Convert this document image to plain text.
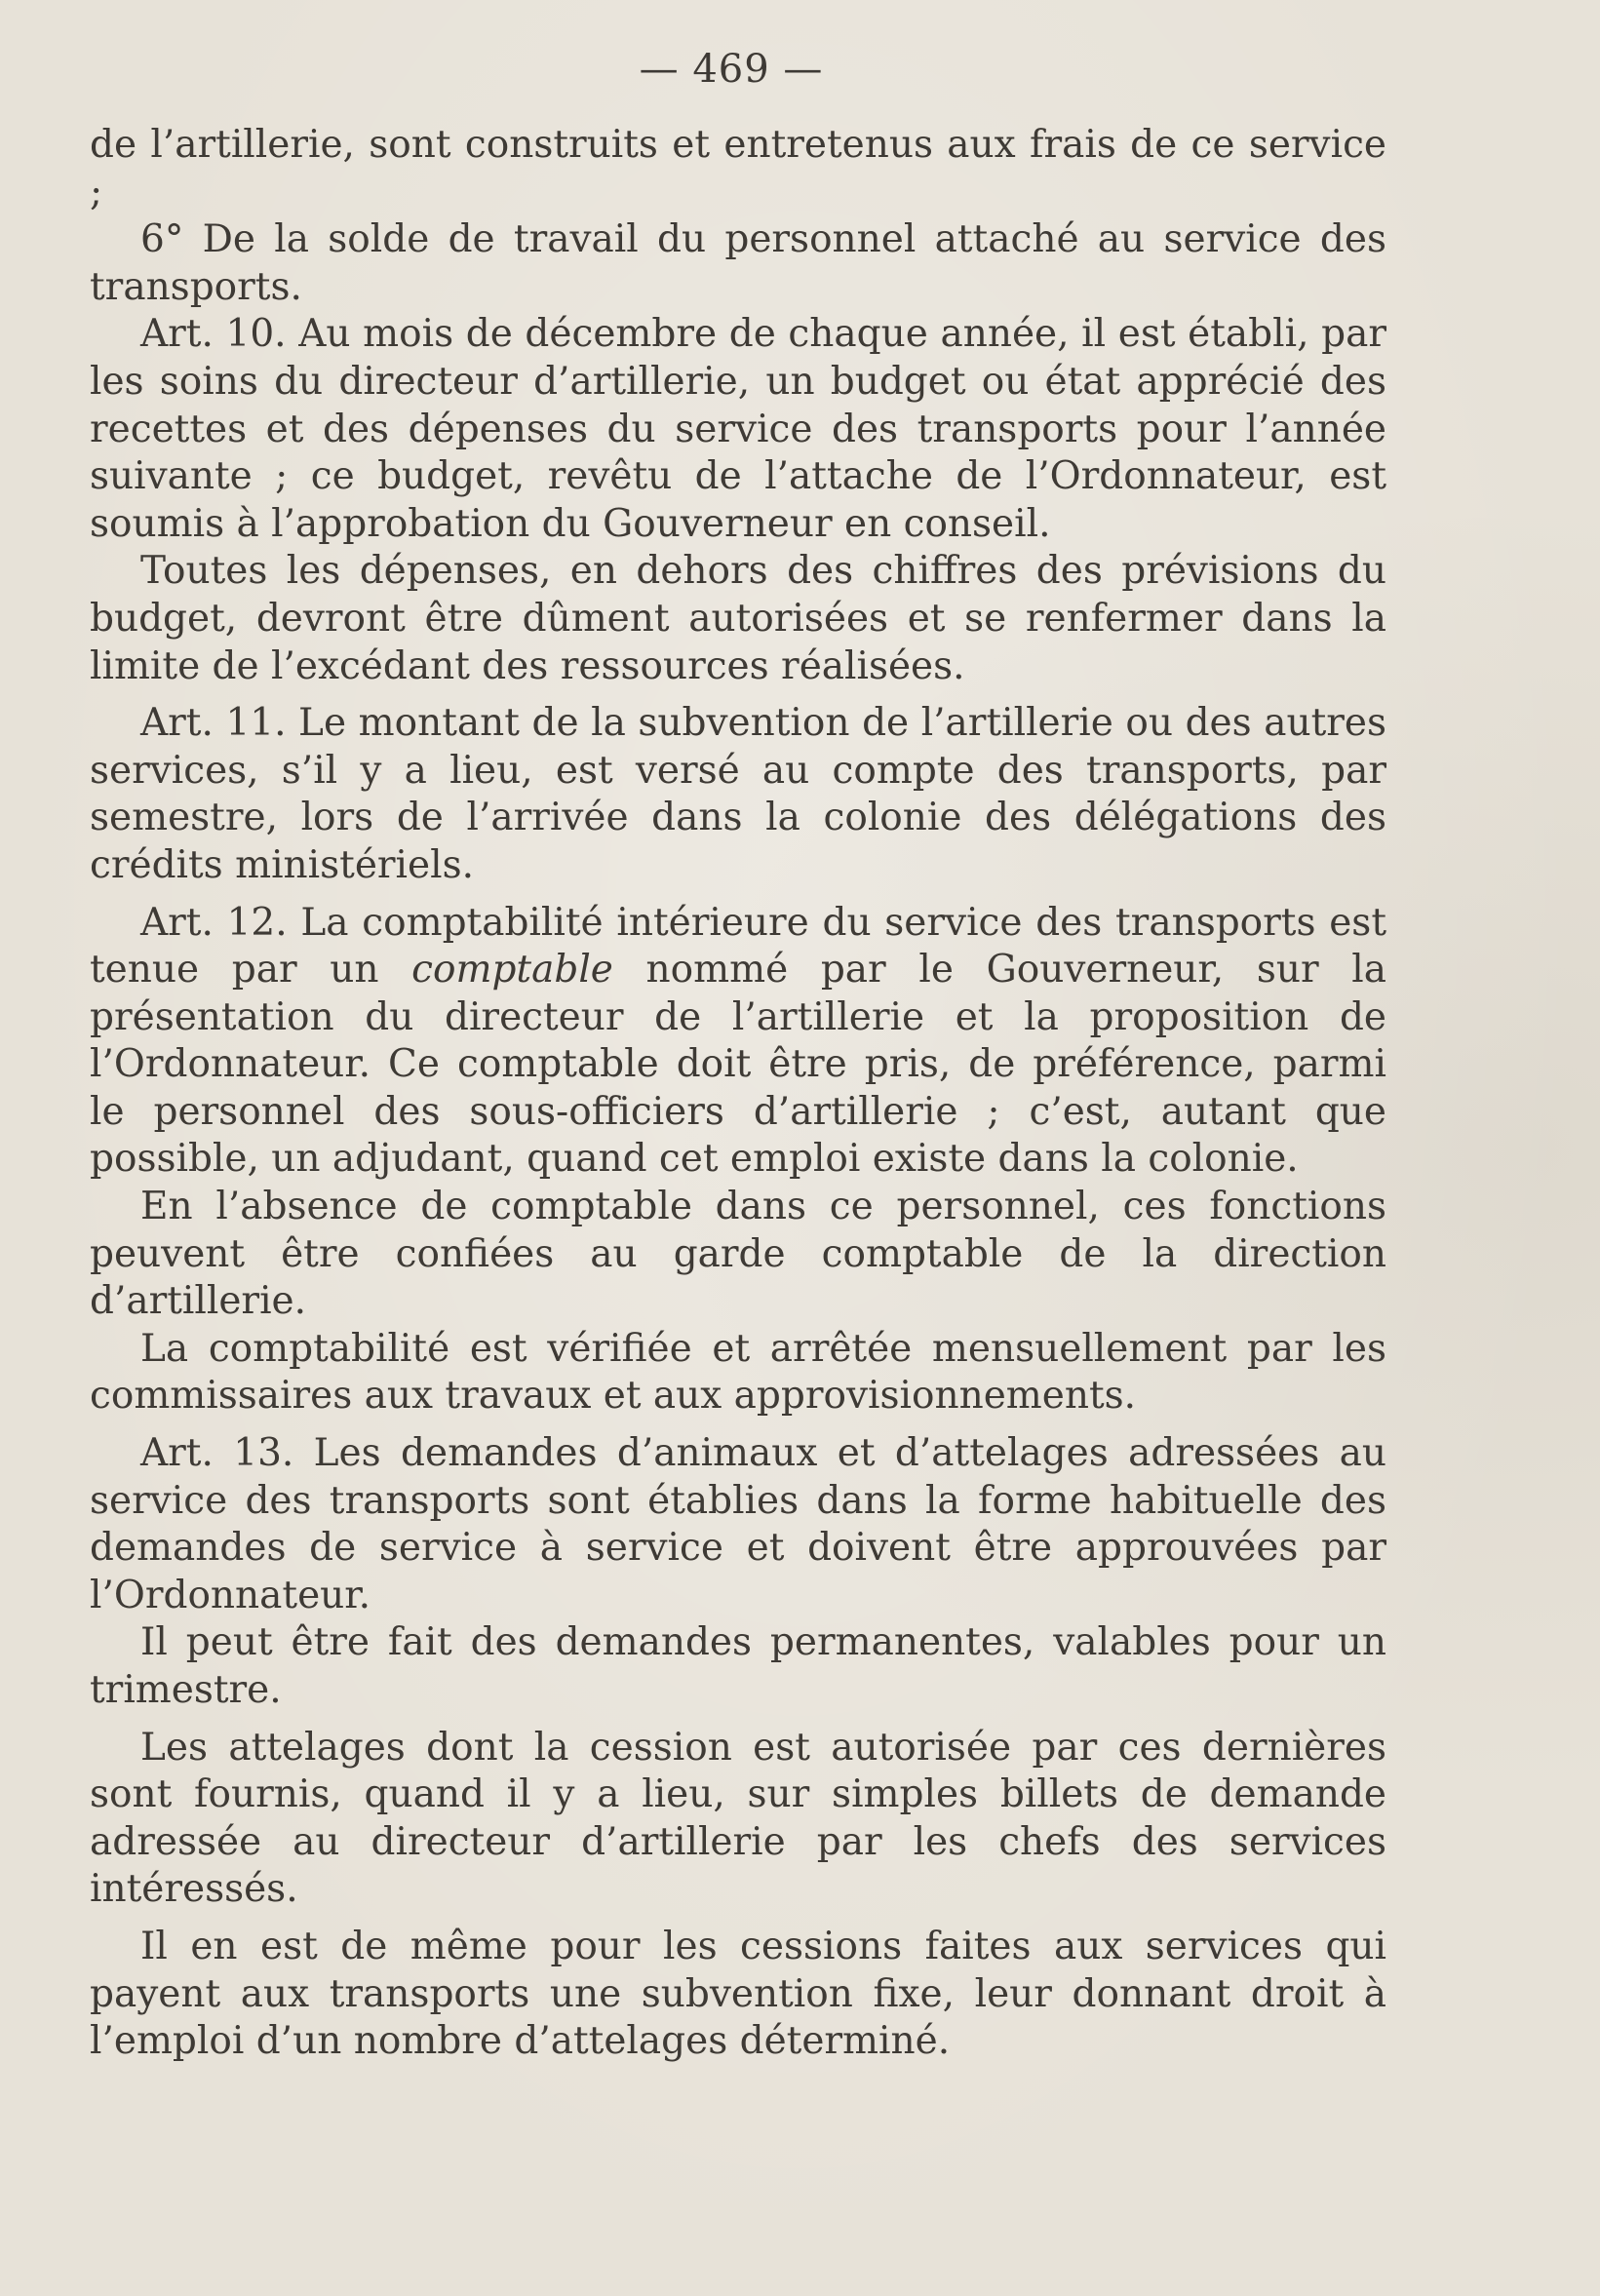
— 469 —

de l’artillerie, sont construits et entretenus aux frais de ce service ;

6° De la solde de travail du personnel attaché au service des transports.

Art. 10. Au mois de décembre de chaque année, il est établi, par les soins du directeur d’artillerie, un budget ou état apprécié des recettes et des dépenses du service des transports pour l’année suivante ; ce budget, revêtu de l’attache de l’Ordonnateur, est soumis à l’approbation du Gouverneur en conseil.

Toutes les dépenses, en dehors des chiffres des prévisions du budget, devront être dûment autorisées et se renfermer dans la limite de l’excédant des ressources réalisées.

Art. 11. Le montant de la subvention de l’artillerie ou des autres services, s’il y a lieu, est versé au compte des transports, par semestre, lors de l’arrivée dans la colonie des délégations des crédits ministériels.

Art. 12. La comptabilité intérieure du service des transports est tenue par un comptable nommé par le Gouverneur, sur la présentation du directeur de l’artillerie et la proposition de l’Ordonnateur. Ce comptable doit être pris, de préférence, parmi le personnel des sous-officiers d’artillerie ; c’est, autant que possible, un adjudant, quand cet emploi existe dans la colonie.

En l’absence de comptable dans ce personnel, ces fonctions peuvent être confiées au garde comptable de la direction d’artillerie.

La comptabilité est vérifiée et arrêtée mensuellement par les commissaires aux travaux et aux approvisionnements.

Art. 13. Les demandes d’animaux et d’attelages adressées au service des transports sont établies dans la forme habituelle des demandes de service à service et doivent être approuvées par l’Ordonnateur.

Il peut être fait des demandes permanentes, valables pour un trimestre.

Les attelages dont la cession est autorisée par ces dernières sont fournis, quand il y a lieu, sur simples billets de demande adressée au directeur d’artillerie par les chefs des services intéressés.

Il en est de même pour les cessions faites aux services qui payent aux transports une subvention fixe, leur donnant droit à l’emploi d’un nombre d’attelages déterminé.
